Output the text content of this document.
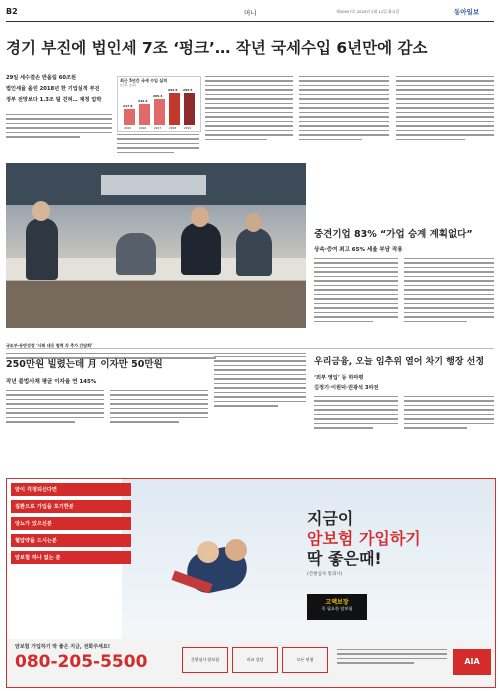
B2	머니	제30927호 2020년 2월 11일 화요일	동아일보
경기 부진에 법인세 7조 ‘펑크’… 작년 국세수입 6년만에 감소
29일 세수결손 반올림 60조원
법인세율 올린 2018년 한 기업실적 부진
정부 전망보다 1.3조 덜 걷혀… 재정 압박
최근 5년간 국세 수입 실적
(단위: 조원)
217.9
242.6
265.4
293.6 293.5
2015	2016	2017	2018	2019
국토부-동반성장 ‘사회 대응 협력 각 추가 간담회’
중견기업 83% “가업 승계 계획없다”
상속·증여 최고 65% 세율 부담 작용
우리금융, 오늘 임추위 열어 차기 행장 선정
‘외부 영입’ 등 하마평
김정기·이원덕·권광석 3파전
250만원 빌렸는데 月 이자만 50만원
작년 불법사채 평균 이자율 연 145%
암이 걱정되신다면
질환으로 가입을 포기한분
당뇨가 있으신분
혈압약을 드시는분
암보험 하나 없는 분
지금이
암보험 가입하기
딱 좋은때!
(간편심사 통과시)
고액보장
꼭 필요한 암보험
암보험 가입하기 딱 좋은 지금, 전화주세요!
080-205-5500	간편심사 암보험	비교 상담	모든 연령	AIA
